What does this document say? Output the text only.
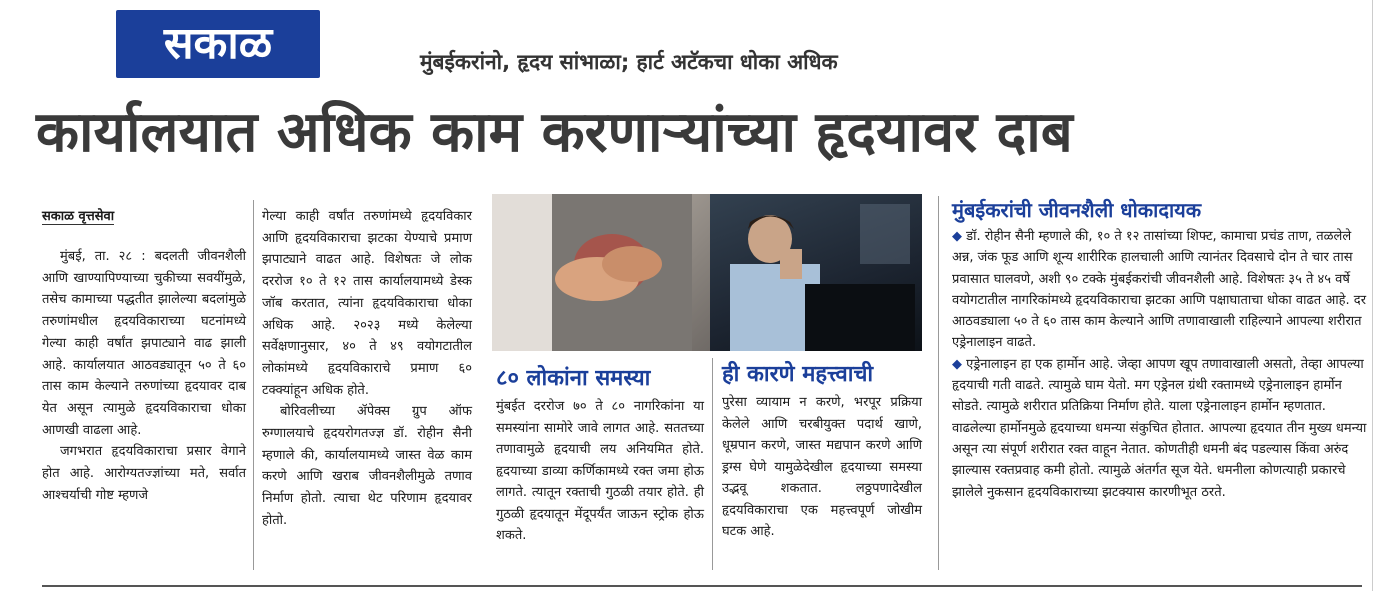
सकाळ	मुंबईकरांनो, हृदय सांभाळा; हार्ट अटॅकचा धोका अधिक
कार्यालयात अधिक काम करणाऱ्यांच्या हृदयावर दाब
सकाळ वृत्तसेवा

मुंबई, ता. २८ : बदलती जीवनशैली आणि खाण्यापिण्याच्या चुकीच्या सवयींमुळे, तसेच कामाच्या पद्धतीत झालेल्या बदलांमुळे तरुणांमधील हृदयविकाराच्या घटनांमध्ये गेल्या काही वर्षांत झपाट्याने वाढ झाली आहे. कार्यालयात आठवड्यातून ५० ते ६० तास काम केल्याने तरुणांच्या हृदयावर दाब येत असून त्यामुळे हृदयविकाराचा धोका आणखी वाढला आहे.

जगभरात हृदयविकाराचा प्रसार वेगाने होत आहे. आरोग्यतज्ज्ञांच्या मते, सर्वात आश्चर्याची गोष्ट म्हणजे

गेल्या काही वर्षांत तरुणांमध्ये हृदयविकार आणि हृदयविकाराचा झटका येण्याचे प्रमाण झपाट्याने वाढत आहे. विशेषतः जे लोक दररोज १० ते १२ तास कार्यालयामध्ये डेस्क जॉब करतात, त्यांना हृदयविकाराचा धोका अधिक आहे. २०२३ मध्ये केलेल्या सर्वेक्षणानुसार, ४० ते ४९ वयोगटातील लोकांमध्ये हृदयविकाराचे प्रमाण ६० टक्क्यांहून अधिक होते.

बोरिवलीच्या ॲपेक्स ग्रुप ऑफ रुग्णालयाचे हृदयरोगतज्ज्ञ डॉ. रोहीन सैनी म्हणाले की, कार्यालयामध्ये जास्त वेळ काम करणे आणि खराब जीवनशैलीमुळे तणाव निर्माण होतो. त्याचा थेट परिणाम हृदयावर होतो.

८० लोकांना समस्या
मुंबईत दररोज ७० ते ८० नागरिकांना या समस्यांना सामोरे जावे लागत आहे. सततच्या तणावामुळे हृदयाची लय अनियमित होते. हृदयाच्या डाव्या कर्णिकामध्ये रक्त जमा होऊ लागते. त्यातून रक्ताची गुठळी तयार होते. ही गुठळी हृदयातून मेंदूपर्यंत जाऊन स्ट्रोक होऊ शकते.
ही कारणे महत्त्वाची
पुरेसा व्यायाम न करणे, भरपूर प्रक्रिया केलेले आणि चरबीयुक्त पदार्थ खाणे, धूम्रपान करणे, जास्त मद्यपान करणे आणि ड्रग्स घेणे यामुळेदेखील हृदयाच्या समस्या उद्भवू शकतात. लठ्ठपणादेखील हृदयविकाराचा एक महत्त्वपूर्ण जोखीम घटक आहे.
मुंबईकरांची जीवनशैली धोकादायक

◆ डॉ. रोहीन सैनी म्हणाले की, १० ते १२ तासांच्या शिफ्ट, कामाचा प्रचंड ताण, तळलेले अन्न, जंक फूड आणि शून्य शारीरिक हालचाली आणि त्यानंतर दिवसाचे दोन ते चार तास प्रवासात घालवणे, अशी ९० टक्के मुंबईकरांची जीवनशैली आहे. विशेषतः ३५ ते ४५ वर्षे वयोगटातील नागरिकांमध्ये हृदयविकाराचा झटका आणि पक्षाघाताचा धोका वाढत आहे. दर आठवड्याला ५० ते ६० तास काम केल्याने आणि तणावाखाली राहिल्याने आपल्या शरीरात एड्रेनालाइन वाढते.

◆ एड्रेनालाइन हा एक हार्मोन आहे. जेव्हा आपण खूप तणावाखाली असतो, तेव्हा आपल्या हृदयाची गती वाढते. त्यामुळे घाम येतो. मग एड्रेनल ग्रंथी रक्तामध्ये एड्रेनालाइन हार्मोन सोडते. त्यामुळे शरीरात प्रतिक्रिया निर्माण होते. याला एड्रेनालाइन हार्मोन म्हणतात. वाढलेल्या हार्मोनमुळे हृदयाच्या धमन्या संकुचित होतात. आपल्या हृदयात तीन मुख्य धमन्या असून त्या संपूर्ण शरीरात रक्त वाहून नेतात. कोणतीही धमनी बंद पडल्यास किंवा अरुंद झाल्यास रक्तप्रवाह कमी होतो. त्यामुळे अंतर्गत सूज येते. धमनीला कोणत्याही प्रकारचे झालेले नुकसान हृदयविकाराच्या झटक्यास कारणीभूत ठरते.
